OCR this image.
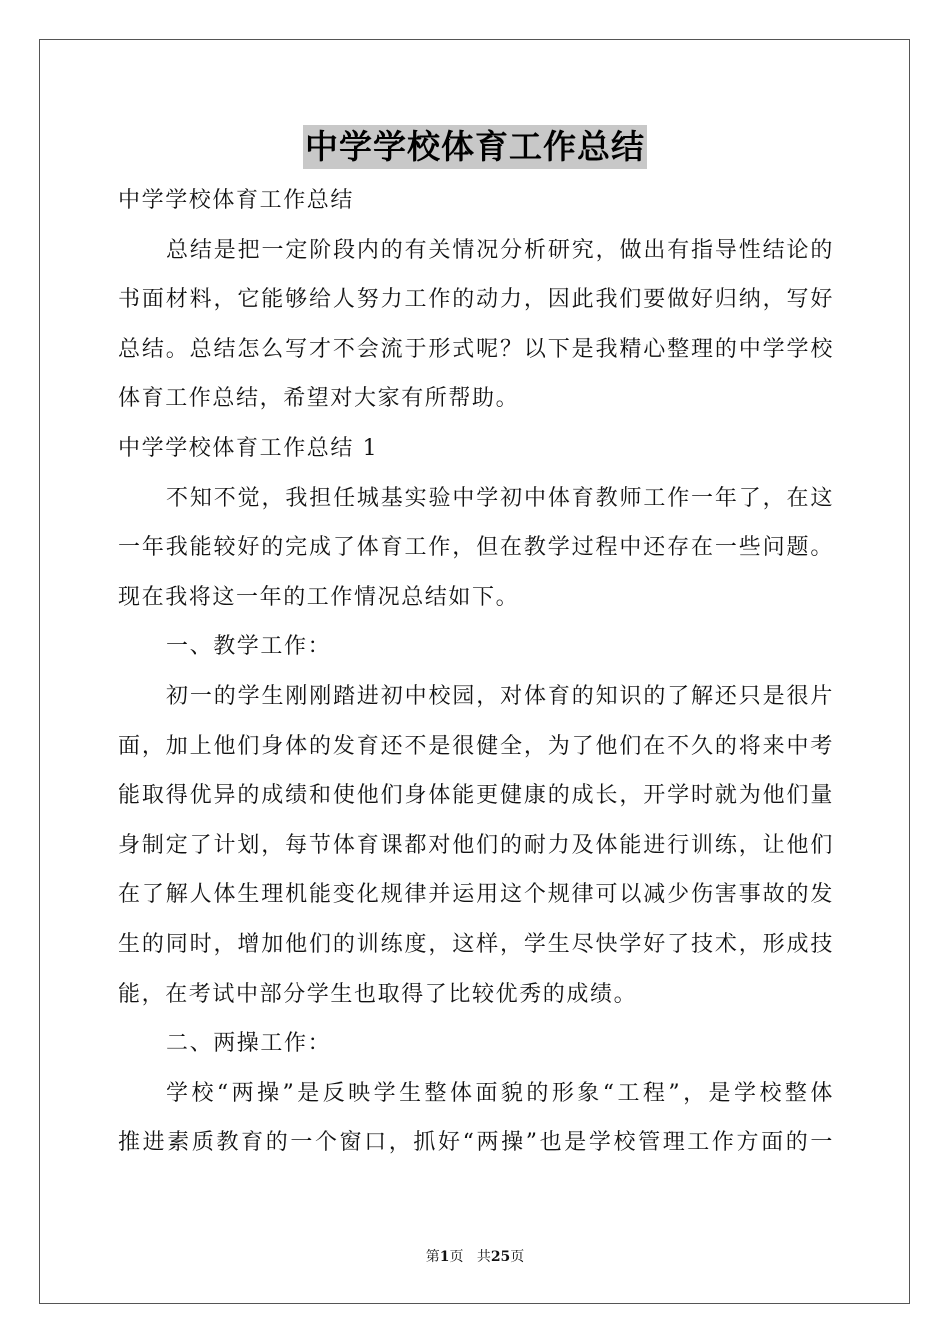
中学学校体育工作总结
中学学校体育工作总结
总结是把一定阶段内的有关情况分析研究，做出有指导性结论的
书面材料，它能够给人努力工作的动力，因此我们要做好归纳，写好
总结。总结怎么写才不会流于形式呢？以下是我精心整理的中学学校
体育工作总结，希望对大家有所帮助。
中学学校体育工作总结 1
不知不觉，我担任城基实验中学初中体育教师工作一年了，在这
一年我能较好的完成了体育工作，但在教学过程中还存在一些问题。
现在我将这一年的工作情况总结如下。
一、教学工作：
初一的学生刚刚踏进初中校园，对体育的知识的了解还只是很片
面，加上他们身体的发育还不是很健全，为了他们在不久的将来中考
能取得优异的成绩和使他们身体能更健康的成长，开学时就为他们量
身制定了计划，每节体育课都对他们的耐力及体能进行训练，让他们
在了解人体生理机能变化规律并运用这个规律可以减少伤害事故的发
生的同时，增加他们的训练度，这样，学生尽快学好了技术，形成技
能，在考试中部分学生也取得了比较优秀的成绩。
二、两操工作：
学校“两操”是反映学生整体面貌的形象“工程”，是学校整体
推进素质教育的一个窗口，抓好“两操”也是学校管理工作方面的一
第1页 共25页
